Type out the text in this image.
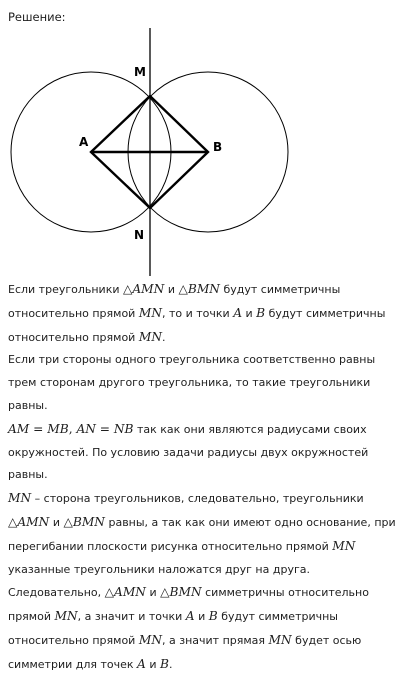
Решение:
M
A	B
N

Если треугольники △AMN и △BMN будут симметричны относительно прямой MN, то и точки A и B будут симметричны относительно прямой MN.

Если три стороны одного треугольника соответственно равны трем сторонам другого треугольника, то такие треугольники равны.

AM = MB, AN = NB так как они являются радиусами своих окружностей. По условию задачи радиусы двух окружностей равны.

MN – сторона треугольников, следовательно, треугольники △AMN и △BMN равны, а так как они имеют одно основание, при перегибании плоскости рисунка относительно прямой MN указанные треугольники наложатся друг на друга. Следовательно, △AMN и △BMN симметричны относительно прямой MN, а значит и точки A и B будут симметричны относительно прямой MN, а значит прямая MN будет осью симметрии для точек A и B.
